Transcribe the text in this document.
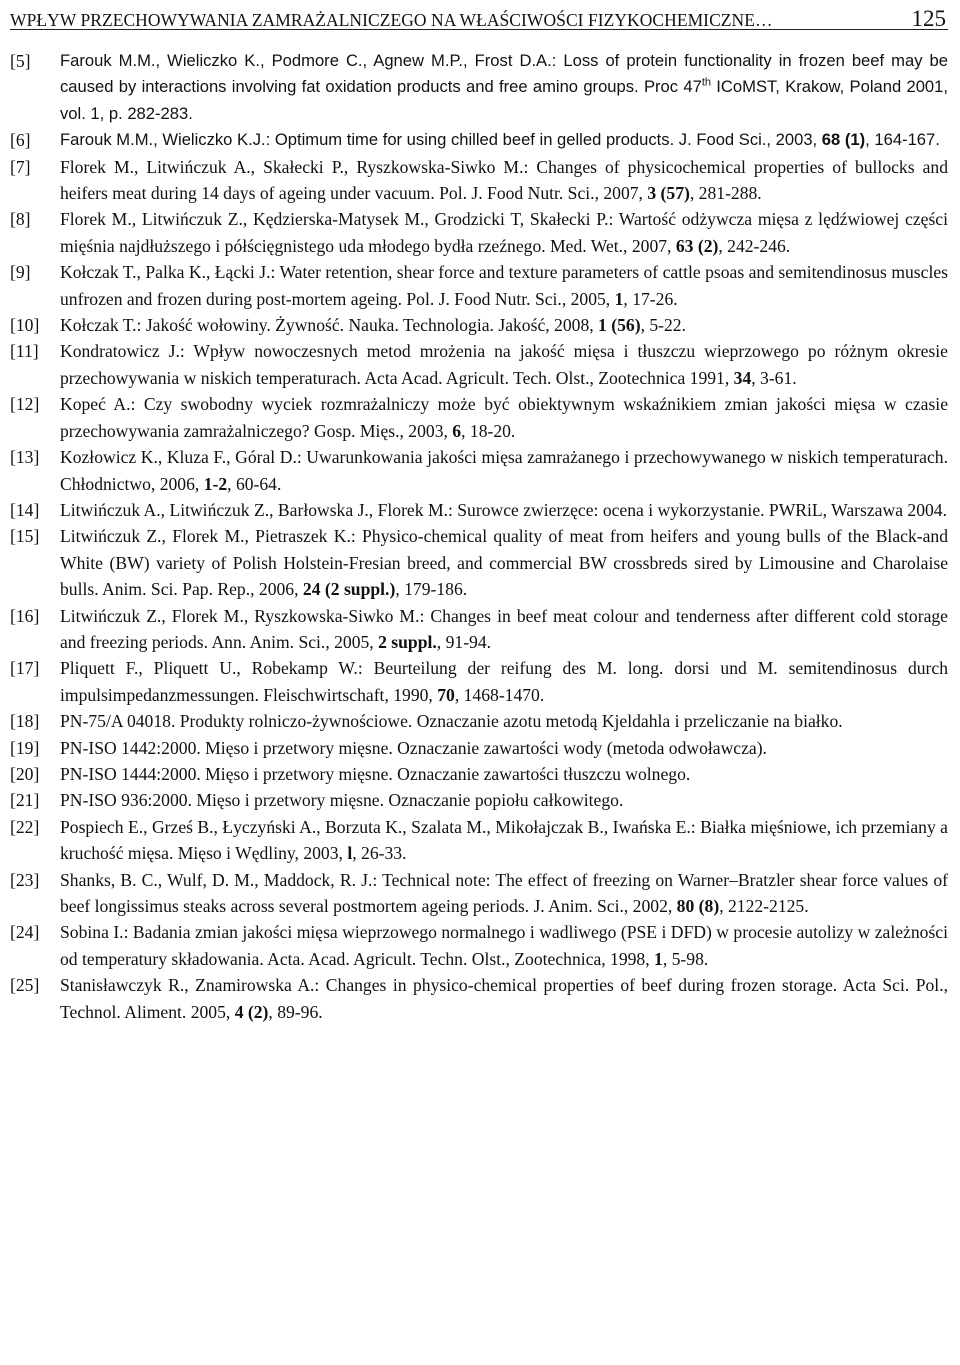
WPŁYW PRZECHOWYWANIA ZAMRAŻALNICZEGO NA WŁAŚCIWOŚCI FIZYKOCHEMICZNE…	125
[5]	Farouk M.M., Wieliczko K., Podmore C., Agnew M.P., Frost D.A.: Loss of protein functionality in frozen beef may be caused by interactions involving fat oxidation products and free amino groups. Proc 47th ICoMST, Krakow, Poland 2001, vol. 1, p. 282-283.
[6]	Farouk M.M., Wieliczko K.J.: Optimum time for using chilled beef in gelled products. J. Food Sci., 2003, 68 (1), 164-167.
[7]	Florek M., Litwińczuk A., Skałecki P., Ryszkowska-Siwko M.: Changes of physicochemical properties of bullocks and heifers meat during 14 days of ageing under vacuum. Pol. J. Food Nutr. Sci., 2007, 3 (57), 281-288.
[8]	Florek M., Litwińczuk Z., Kędzierska-Matysek M., Grodzicki T, Skałecki P.: Wartość odżywcza mięsa z lędźwiowej części mięśnia najdłuższego i półścięgnistego uda młodego bydła rzeźnego. Med. Wet., 2007, 63 (2), 242-246.
[9]	Kołczak T., Palka K., Łącki J.: Water retention, shear force and texture parameters of cattle psoas and semitendinosus muscles unfrozen and frozen during post-mortem ageing. Pol. J. Food Nutr. Sci., 2005, 1, 17-26.
[10]	Kołczak T.: Jakość wołowiny. Żywność. Nauka. Technologia. Jakość, 2008, 1 (56), 5-22.
[11]	Kondratowicz J.: Wpływ nowoczesnych metod mrożenia na jakość mięsa i tłuszczu wieprzowego po różnym okresie przechowywania w niskich temperaturach. Acta Acad. Agricult. Tech. Olst., Zootechnica 1991, 34, 3-61.
[12]	Kopeć A.: Czy swobodny wyciek rozmrażalniczy może być obiektywnym wskaźnikiem zmian jakości mięsa w czasie przechowywania zamrażalniczego? Gosp. Mięs., 2003, 6, 18-20.
[13]	Kozłowicz K., Kluza F., Góral D.: Uwarunkowania jakości mięsa zamrażanego i przechowywanego w niskich temperaturach. Chłodnictwo, 2006, 1-2, 60-64.
[14]	Litwińczuk A., Litwińczuk Z., Barłowska J., Florek M.: Surowce zwierzęce: ocena i wykorzystanie. PWRiL, Warszawa 2004.
[15]	Litwińczuk Z., Florek M., Pietraszek K.: Physico-chemical quality of meat from heifers and young bulls of the Black-and White (BW) variety of Polish Holstein-Fresian breed, and commercial BW crossbreds sired by Limousine and Charolaise bulls. Anim. Sci. Pap. Rep., 2006, 24 (2 suppl.), 179-186.
[16]	Litwińczuk Z., Florek M., Ryszkowska-Siwko M.: Changes in beef meat colour and tenderness after different cold storage and freezing periods. Ann. Anim. Sci., 2005, 2 suppl., 91-94.
[17]	Pliquett F., Pliquett U., Robekamp W.: Beurteilung der reifung des M. long. dorsi und M. semitendinosus durch impulsimpedanzmessungen. Fleischwirtschaft, 1990, 70, 1468-1470.
[18]	PN-75/A 04018. Produkty rolniczo-żywnościowe. Oznaczanie azotu metodą Kjeldahla i przeliczanie na białko.
[19]	PN-ISO 1442:2000. Mięso i przetwory mięsne. Oznaczanie zawartości wody (metoda odwoławcza).
[20]	PN-ISO 1444:2000. Mięso i przetwory mięsne. Oznaczanie zawartości tłuszczu wolnego.
[21]	PN-ISO 936:2000. Mięso i przetwory mięsne. Oznaczanie popiołu całkowitego.
[22]	Pospiech E., Grześ B., Łyczyński A., Borzuta K., Szalata M., Mikołajczak B., Iwańska E.: Białka mięśniowe, ich przemiany a kruchość mięsa. Mięso i Wędliny, 2003, l, 26-33.
[23]	Shanks, B. C., Wulf, D. M., Maddock, R. J.: Technical note: The effect of freezing on Warner–Bratzler shear force values of beef longissimus steaks across several postmortem ageing periods. J. Anim. Sci., 2002, 80 (8), 2122-2125.
[24]	Sobina I.: Badania zmian jakości mięsa wieprzowego normalnego i wadliwego (PSE i DFD) w procesie autolizy w zależności od temperatury składowania. Acta. Acad. Agricult. Techn. Olst., Zootechnica, 1998, 1, 5-98.
[25]	Stanisławczyk R., Znamirowska A.: Changes in physico-chemical properties of beef during frozen storage. Acta Sci. Pol., Technol. Aliment. 2005, 4 (2), 89-96.
